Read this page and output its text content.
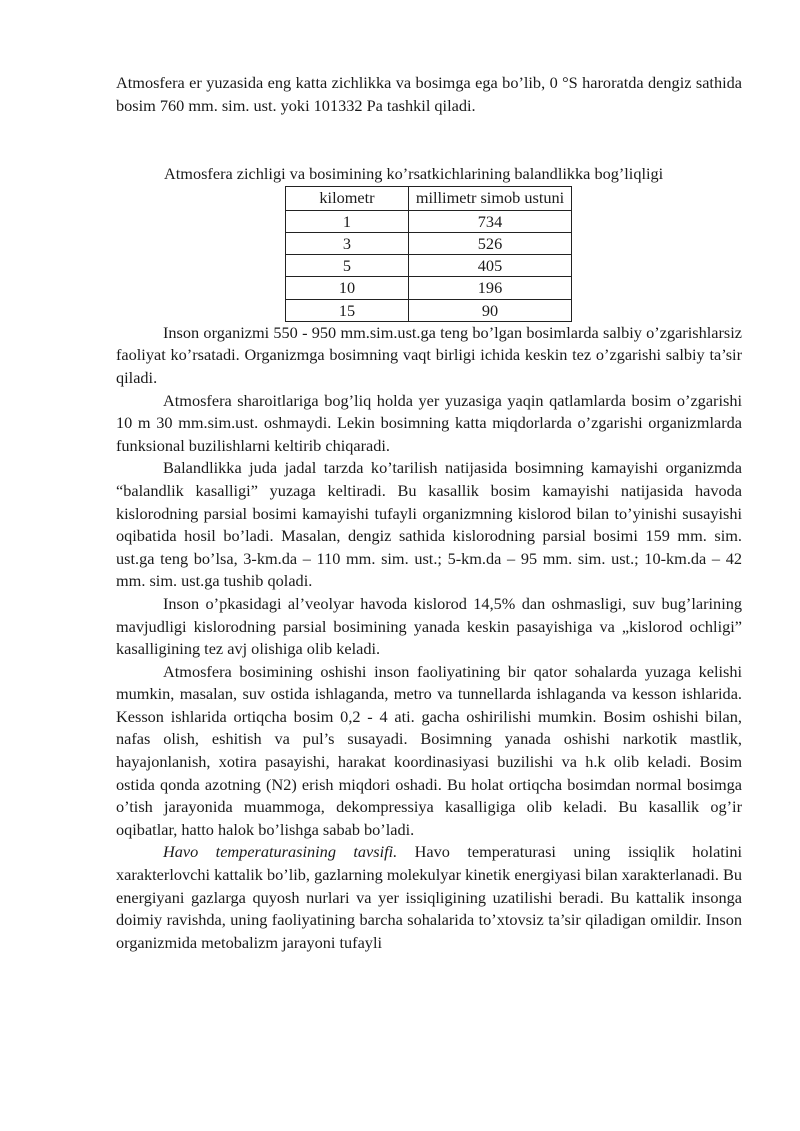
Atmosfera er yuzasida eng katta zichlikka va bosimga ega bo’lib, 0 °S haroratda dengiz sathida bosim 760 mm. sim. ust. yoki 101332 Pa tashkil qiladi.

Atmosfera zichligi va bosimining ko’rsatkichlarining balandlikka bog’liqligi

kilometr	millimetr simob ustuni
1	734
3	526
5	405
10	196
15	90

Inson organizmi 550 - 950 mm.sim.ust.ga teng bo’lgan bosimlarda salbiy o’zgarishlarsiz faoliyat ko’rsatadi. Organizmga bosimning vaqt birligi ichida keskin tez o’zgarishi salbiy ta’sir qiladi.

Atmosfera sharoitlariga bog’liq holda yer yuzasiga yaqin qatlamlarda bosim o’zgarishi 10 m 30 mm.sim.ust. oshmaydi. Lekin bosimning katta miqdorlarda o’zgarishi organizmlarda funksional buzilishlarni keltirib chiqaradi.

Balandlikka juda jadal tarzda ko’tarilish natijasida bosimning kamayishi organizmda “balandlik kasalligi” yuzaga keltiradi. Bu kasallik bosim kamayishi natijasida havoda kislorodning parsial bosimi kamayishi tufayli organizmning kislorod bilan to’yinishi susayishi oqibatida hosil bo’ladi. Masalan, dengiz sathida kislorodning parsial bosimi 159 mm. sim. ust.ga teng bo’lsa, 3-km.da – 110 mm. sim. ust.; 5-km.da – 95 mm. sim. ust.; 10-km.da – 42 mm. sim. ust.ga tushib qoladi.

Inson o’pkasidagi al’veolyar havoda kislorod 14,5% dan oshmasligi, suv bug’larining mavjudligi kislorodning parsial bosimining yanada keskin pasayishiga va „kislorod ochligi” kasalligining tez avj olishiga olib keladi.

Atmosfera bosimining oshishi inson faoliyatining bir qator sohalarda yuzaga kelishi mumkin, masalan, suv ostida ishlaganda, metro va tunnellarda ishlaganda va kesson ishlarida. Kesson ishlarida ortiqcha bosim 0,2 - 4 ati. gacha oshirilishi mumkin. Bosim oshishi bilan, nafas olish, eshitish va pul’s susayadi. Bosimning yanada oshishi narkotik mastlik, hayajonlanish, xotira pasayishi, harakat koordinasiyasi buzilishi va h.k olib keladi. Bosim ostida qonda azotning (N2) erish miqdori oshadi. Bu holat ortiqcha bosimdan normal bosimga o’tish jarayonida muammoga, dekompressiya kasalligiga olib keladi. Bu kasallik og’ir oqibatlar, hatto halok bo’lishga sabab bo’ladi.

Havo temperaturasining tavsifi. Havo temperaturasi uning issiqlik holatini xarakterlovchi kattalik bo’lib, gazlarning molekulyar kinetik energiyasi bilan xarakterlanadi. Bu energiyani gazlarga quyosh nurlari va yer issiqligining uzatilishi beradi. Bu kattalik insonga doimiy ravishda, uning faoliyatining barcha sohalarida to’xtovsiz ta’sir qiladigan omildir. Inson organizmida metobalizm jarayoni tufayli
